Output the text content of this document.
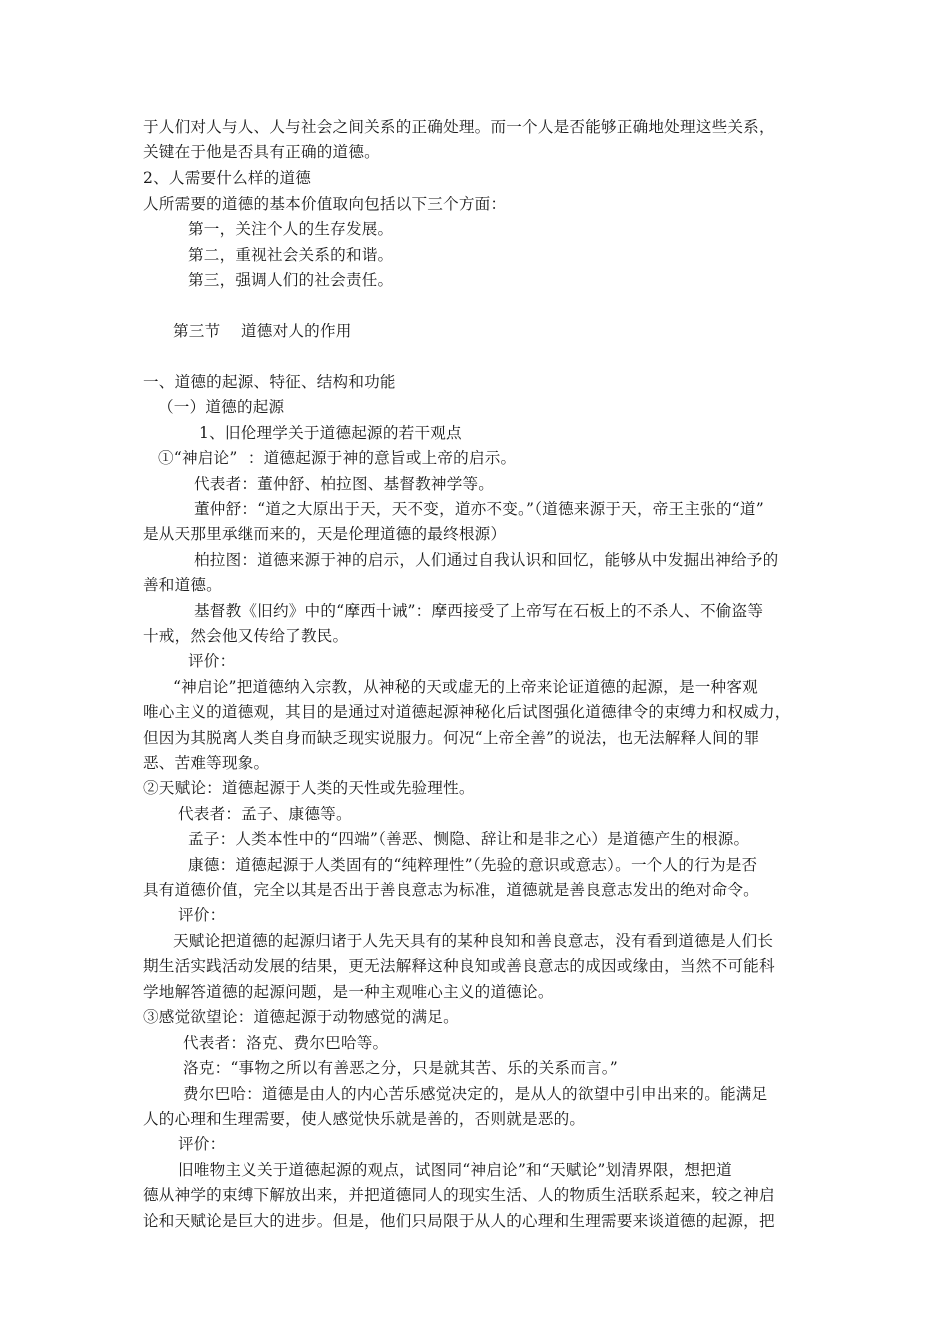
于人们对人与人、人与社会之间关系的正确处理。而一个人是否能够正确地处理这些关系，
关键在于他是否具有正确的道德。
2、人需要什么样的道德
人所需要的道德的基本价值取向包括以下三个方面：
第一，关注个人的生存发展。
第二，重视社会关系的和谐。
第三，强调人们的社会责任。
第三节    道德对人的作用
一、道德的起源、特征、结构和功能
（一）道德的起源
1、旧伦理学关于道德起源的若干观点
①“神启论”  ：道德起源于神的意旨或上帝的启示。
代表者：董仲舒、柏拉图、基督教神学等。
董仲舒：“道之大原出于天，天不变，道亦不变。”（道德来源于天，帝王主张的“道”
是从天那里承继而来的，天是伦理道德的最终根源）
柏拉图：道德来源于神的启示，人们通过自我认识和回忆，能够从中发掘出神给予的
善和道德。
基督教《旧约》中的“摩西十诫”：摩西接受了上帝写在石板上的不杀人、不偷盗等
十戒，然会他又传给了教民。
评价：
“神启论”把道德纳入宗教，从神秘的天或虚无的上帝来论证道德的起源，是一种客观
唯心主义的道德观，其目的是通过对道德起源神秘化后试图强化道德律令的束缚力和权威力，
但因为其脱离人类自身而缺乏现实说服力。何况“上帝全善”的说法，也无法解释人间的罪
恶、苦难等现象。
②天赋论：道德起源于人类的天性或先验理性。
代表者：孟子、康德等。
孟子：人类本性中的“四端”（善恶、恻隐、辞让和是非之心）是道德产生的根源。
康德：道德起源于人类固有的“纯粹理性”（先验的意识或意志）。一个人的行为是否
具有道德价值，完全以其是否出于善良意志为标准，道德就是善良意志发出的绝对命令。
评价：
天赋论把道德的起源归诸于人先天具有的某种良知和善良意志，没有看到道德是人们长
期生活实践活动发展的结果，更无法解释这种良知或善良意志的成因或缘由，当然不可能科
学地解答道德的起源问题，是一种主观唯心主义的道德论。
③感觉欲望论：道德起源于动物感觉的满足。
代表者：洛克、费尔巴哈等。
洛克：“事物之所以有善恶之分，只是就其苦、乐的关系而言。”
费尔巴哈：道德是由人的内心苦乐感觉决定的，是从人的欲望中引申出来的。能满足
人的心理和生理需要，使人感觉快乐就是善的，否则就是恶的。
评价：
旧唯物主义关于道德起源的观点，试图同“神启论”和“天赋论”划清界限，想把道
德从神学的束缚下解放出来，并把道德同人的现实生活、人的物质生活联系起来，较之神启
论和天赋论是巨大的进步。但是，他们只局限于从人的心理和生理需要来谈道德的起源，把
